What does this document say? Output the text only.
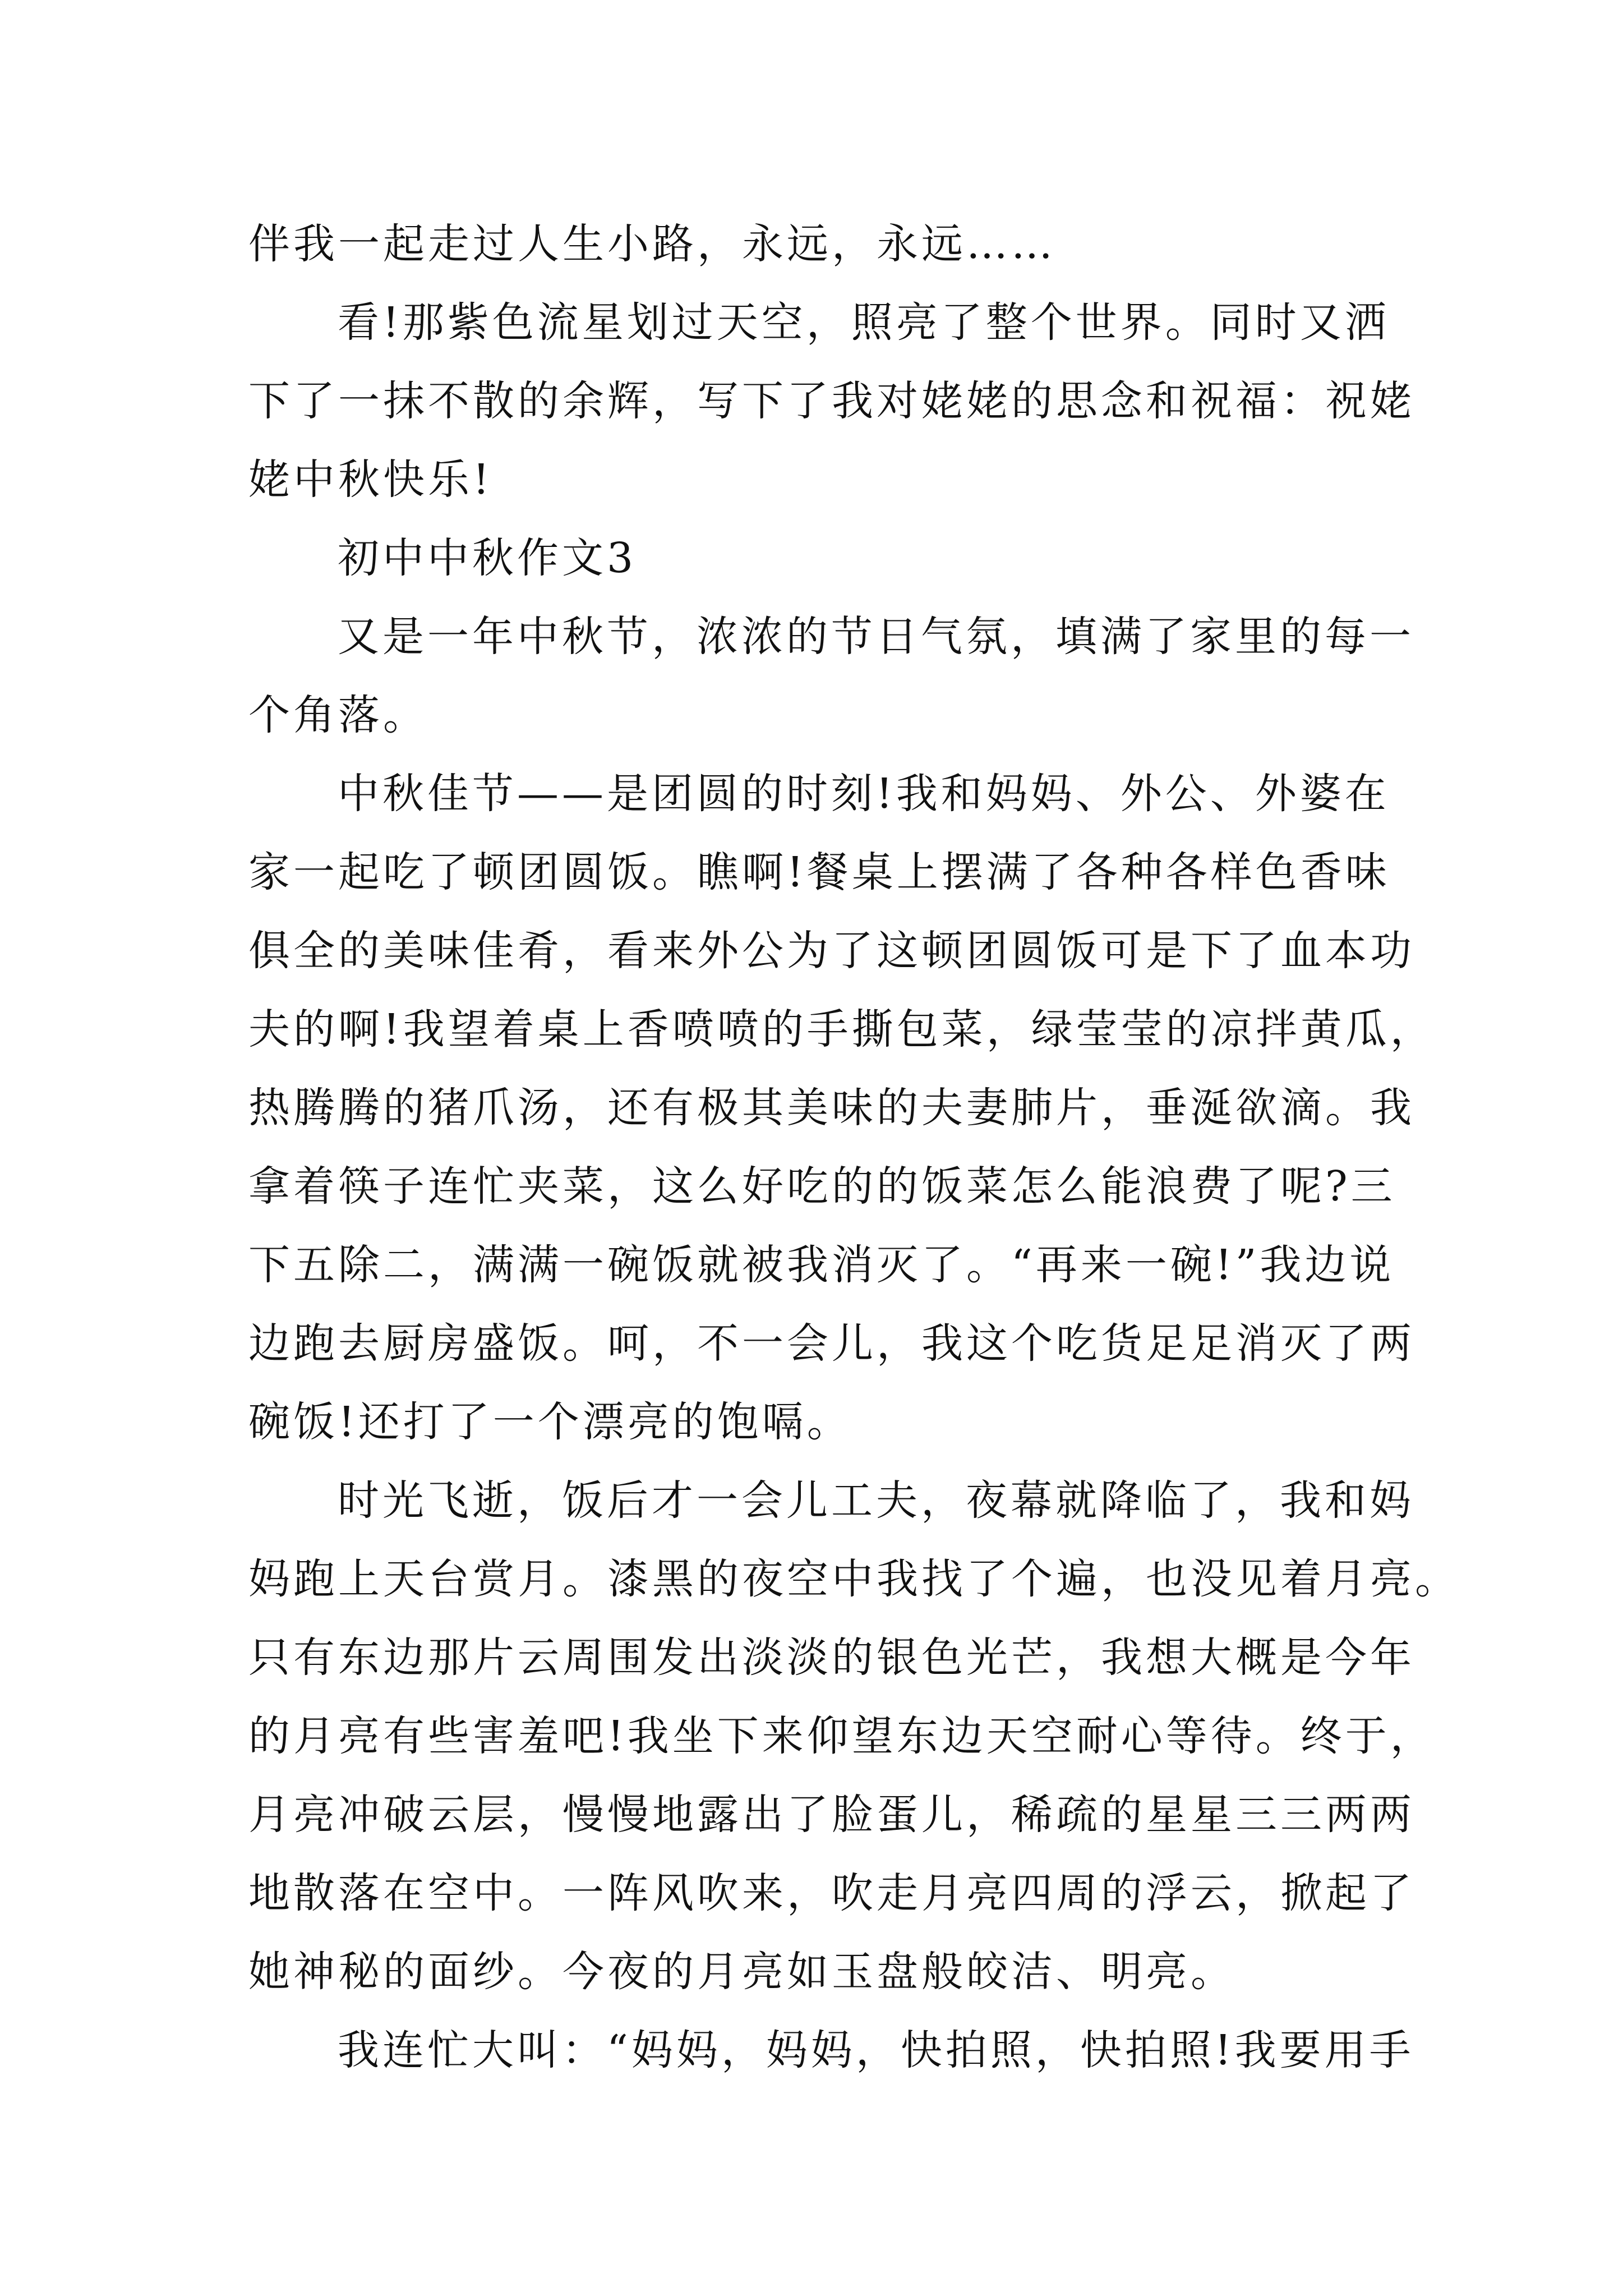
伴我一起走过人生小路，永远，永远……
看!那紫色流星划过天空，照亮了整个世界。同时又洒
下了一抹不散的余辉，写下了我对姥姥的思念和祝福：祝姥
姥中秋快乐!
初中中秋作文3
又是一年中秋节，浓浓的节日气氛，填满了家里的每一
个角落。
中秋佳节——是团圆的时刻!我和妈妈、外公、外婆在
家一起吃了顿团圆饭。瞧啊!餐桌上摆满了各种各样色香味
俱全的美味佳肴，看来外公为了这顿团圆饭可是下了血本功
夫的啊!我望着桌上香喷喷的手撕包菜，绿莹莹的凉拌黄瓜，
热腾腾的猪爪汤，还有极其美味的夫妻肺片，垂涎欲滴。我
拿着筷子连忙夹菜，这么好吃的的饭菜怎么能浪费了呢?三
下五除二，满满一碗饭就被我消灭了。“再来一碗!”我边说
边跑去厨房盛饭。呵，不一会儿，我这个吃货足足消灭了两
碗饭!还打了一个漂亮的饱嗝。
时光飞逝，饭后才一会儿工夫，夜幕就降临了，我和妈
妈跑上天台赏月。漆黑的夜空中我找了个遍，也没见着月亮。
只有东边那片云周围发出淡淡的银色光芒，我想大概是今年
的月亮有些害羞吧!我坐下来仰望东边天空耐心等待。终于，
月亮冲破云层，慢慢地露出了脸蛋儿，稀疏的星星三三两两
地散落在空中。一阵风吹来，吹走月亮四周的浮云，掀起了
她神秘的面纱。今夜的月亮如玉盘般皎洁、明亮。
我连忙大叫：“妈妈，妈妈，快拍照，快拍照!我要用手
